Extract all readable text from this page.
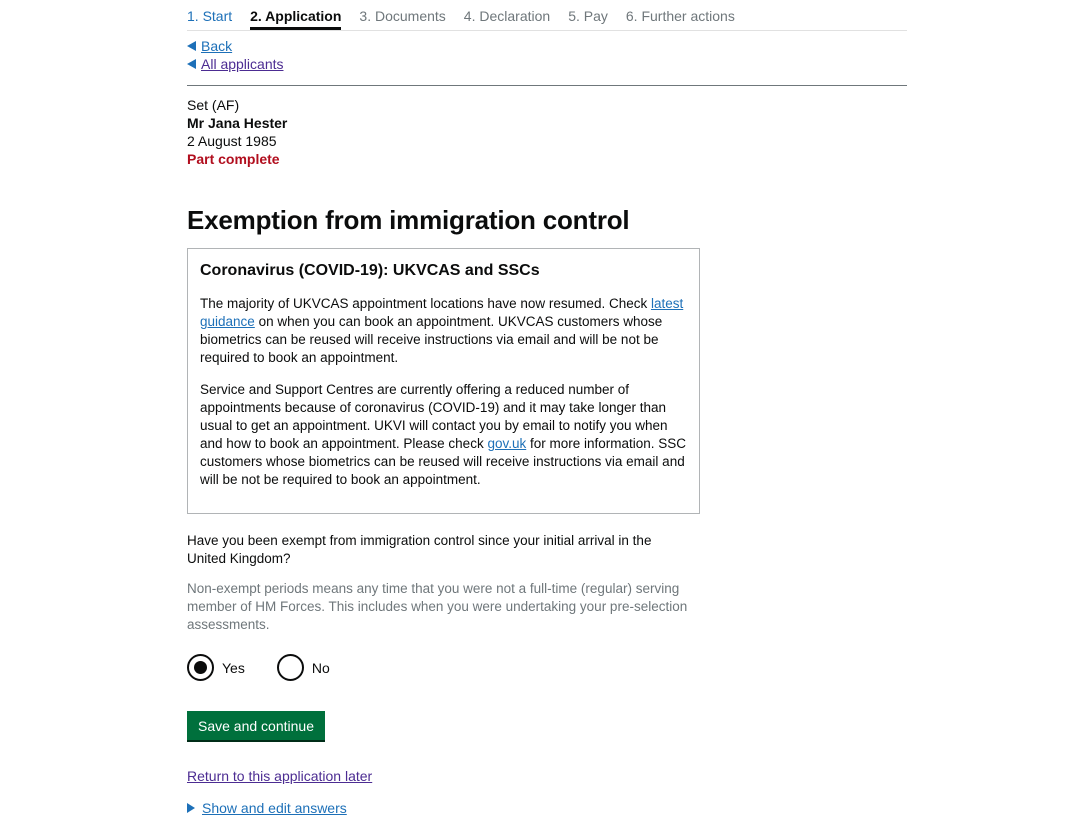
1. Start 2. Application 3. Documents 4. Declaration 5. Pay 6. Further actions
Back
All applicants
Set (AF)
Mr Jana Hester
2 August 1985
Part complete
Exemption from immigration control
Coronavirus (COVID-19): UKVCAS and SSCs

The majority of UKVCAS appointment locations have now resumed. Check latest guidance on when you can book an appointment. UKVCAS customers whose biometrics can be reused will receive instructions via email and will be not be required to book an appointment.

Service and Support Centres are currently offering a reduced number of appointments because of coronavirus (COVID-19) and it may take longer than usual to get an appointment. UKVI will contact you by email to notify you when and how to book an appointment. Please check gov.uk for more information. SSC customers whose biometrics can be reused will receive instructions via email and will be not be required to book an appointment.

Have you been exempt from immigration control since your initial arrival in the United Kingdom?
Non-exempt periods means any time that you were not a full-time (regular) serving member of HM Forces. This includes when you were undertaking your pre-selection assessments.
Yes	No
Save and continue
Return to this application later
Show and edit answers
